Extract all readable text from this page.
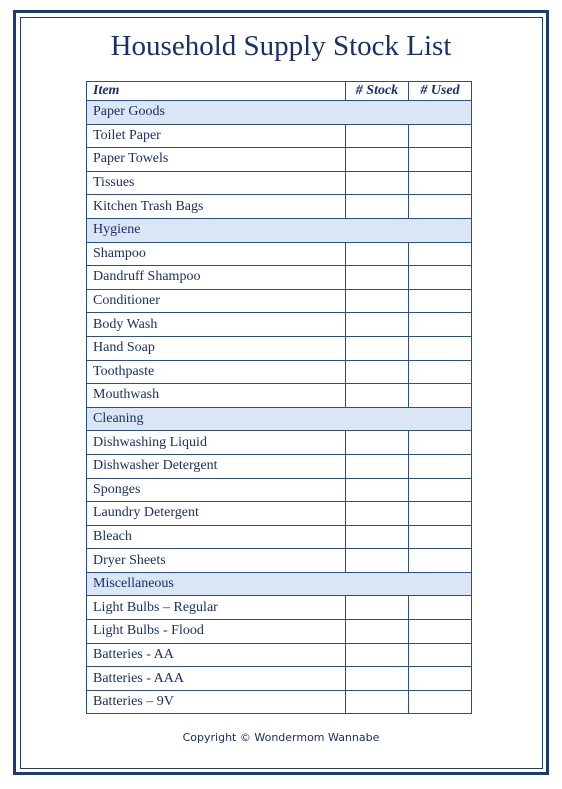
Household Supply Stock List
Item	# Stock	# Used
Paper Goods		
Toilet Paper		
Paper Towels		
Tissues		
Kitchen Trash Bags		
Hygiene		
Shampoo		
Dandruff Shampoo		
Conditioner		
Body Wash		
Hand Soap		
Toothpaste		
Mouthwash		
Cleaning		
Dishwashing Liquid		
Dishwasher Detergent		
Sponges		
Laundry Detergent		
Bleach		
Dryer Sheets		
Miscellaneous		
Light Bulbs – Regular		
Light Bulbs - Flood		
Batteries - AA		
Batteries - AAA		
Batteries – 9V		
Copyright © Wondermom Wannabe
